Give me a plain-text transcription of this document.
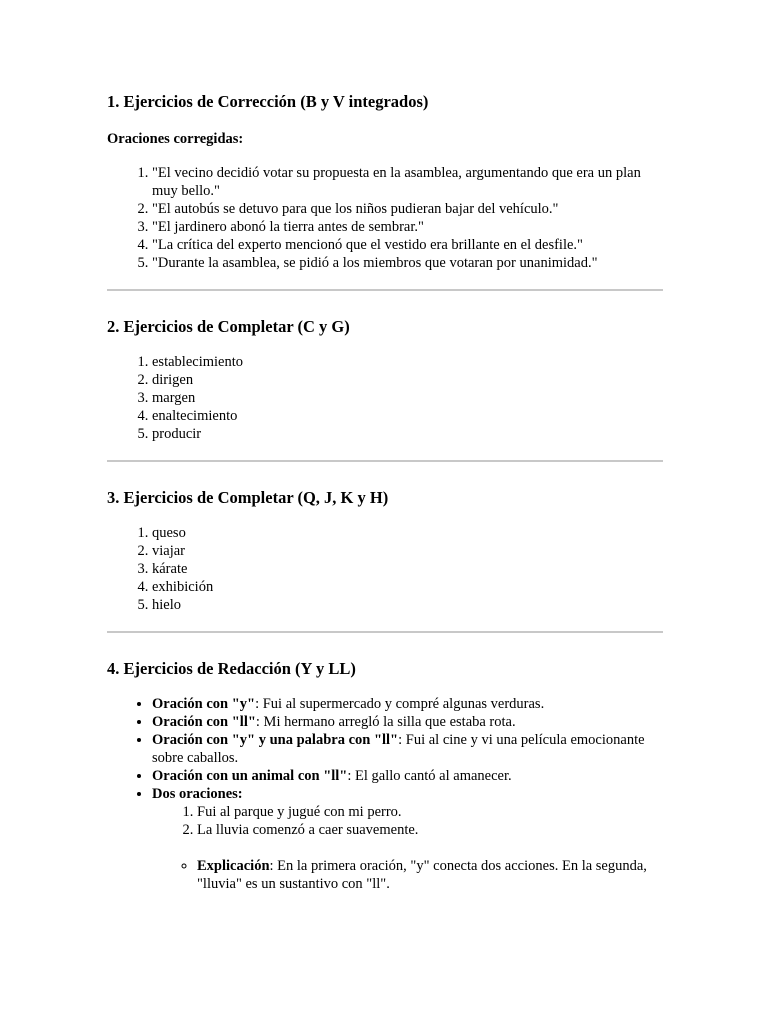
1. Ejercicios de Corrección (B y V integrados)

Oraciones corregidas:

1. "El vecino decidió votar su propuesta en la asamblea, argumentando que era un plan muy bello."
2. "El autobús se detuvo para que los niños pudieran bajar del vehículo."
3. "El jardinero abonó la tierra antes de sembrar."
4. "La crítica del experto mencionó que el vestido era brillante en el desfile."
5. "Durante la asamblea, se pidió a los miembros que votaran por unanimidad."
2. Ejercicios de Completar (C y G)
1. establecimiento
2. dirigen
3. margen
4. enaltecimiento
5. producir
3. Ejercicios de Completar (Q, J, K y H)
1. queso
2. viajar
3. kárate
4. exhibición
5. hielo
4. Ejercicios de Redacción (Y y LL)
• Oración con "y": Fui al supermercado y compré algunas verduras.
• Oración con "ll": Mi hermano arregló la silla que estaba rota.
• Oración con "y" y una palabra con "ll": Fui al cine y vi una película emocionante sobre caballos.
• Oración con un animal con "ll": El gallo cantó al amanecer.
• Dos oraciones:
1. Fui al parque y jugué con mi perro.
2. La lluvia comenzó a caer suavemente.
◦ Explicación: En la primera oración, "y" conecta dos acciones. En la segunda, "lluvia" es un sustantivo con "ll".
